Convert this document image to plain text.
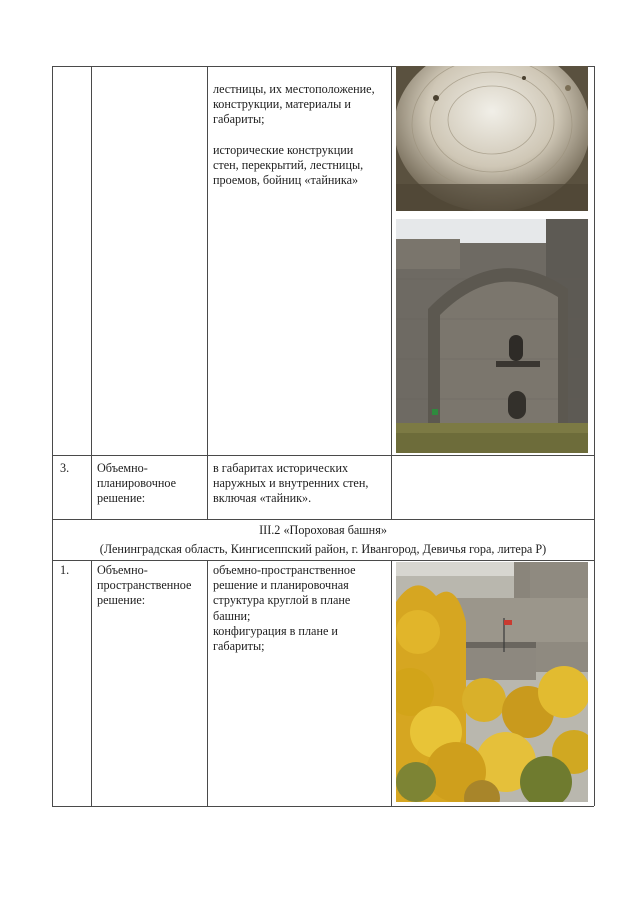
лестницы, их местоположение,
конструкции, материалы и
габариты;
исторические конструкции
стен, перекрытий, лестницы,
проемов, бойниц «тайника»
3. Объемно-
планировочное
решение:
в габаритах исторических
наружных и внутренних стен,
включая «тайник».
III.2 «Пороховая башня»
(Ленинградская область, Кингисеппский район, г. Ивангород, Девичья гора, литера Р)
1. Объемно-
пространственное
решение:
объемно-пространственное
решение и планировочная
структура круглой в плане
башни;
конфигурация в плане и
габариты;
